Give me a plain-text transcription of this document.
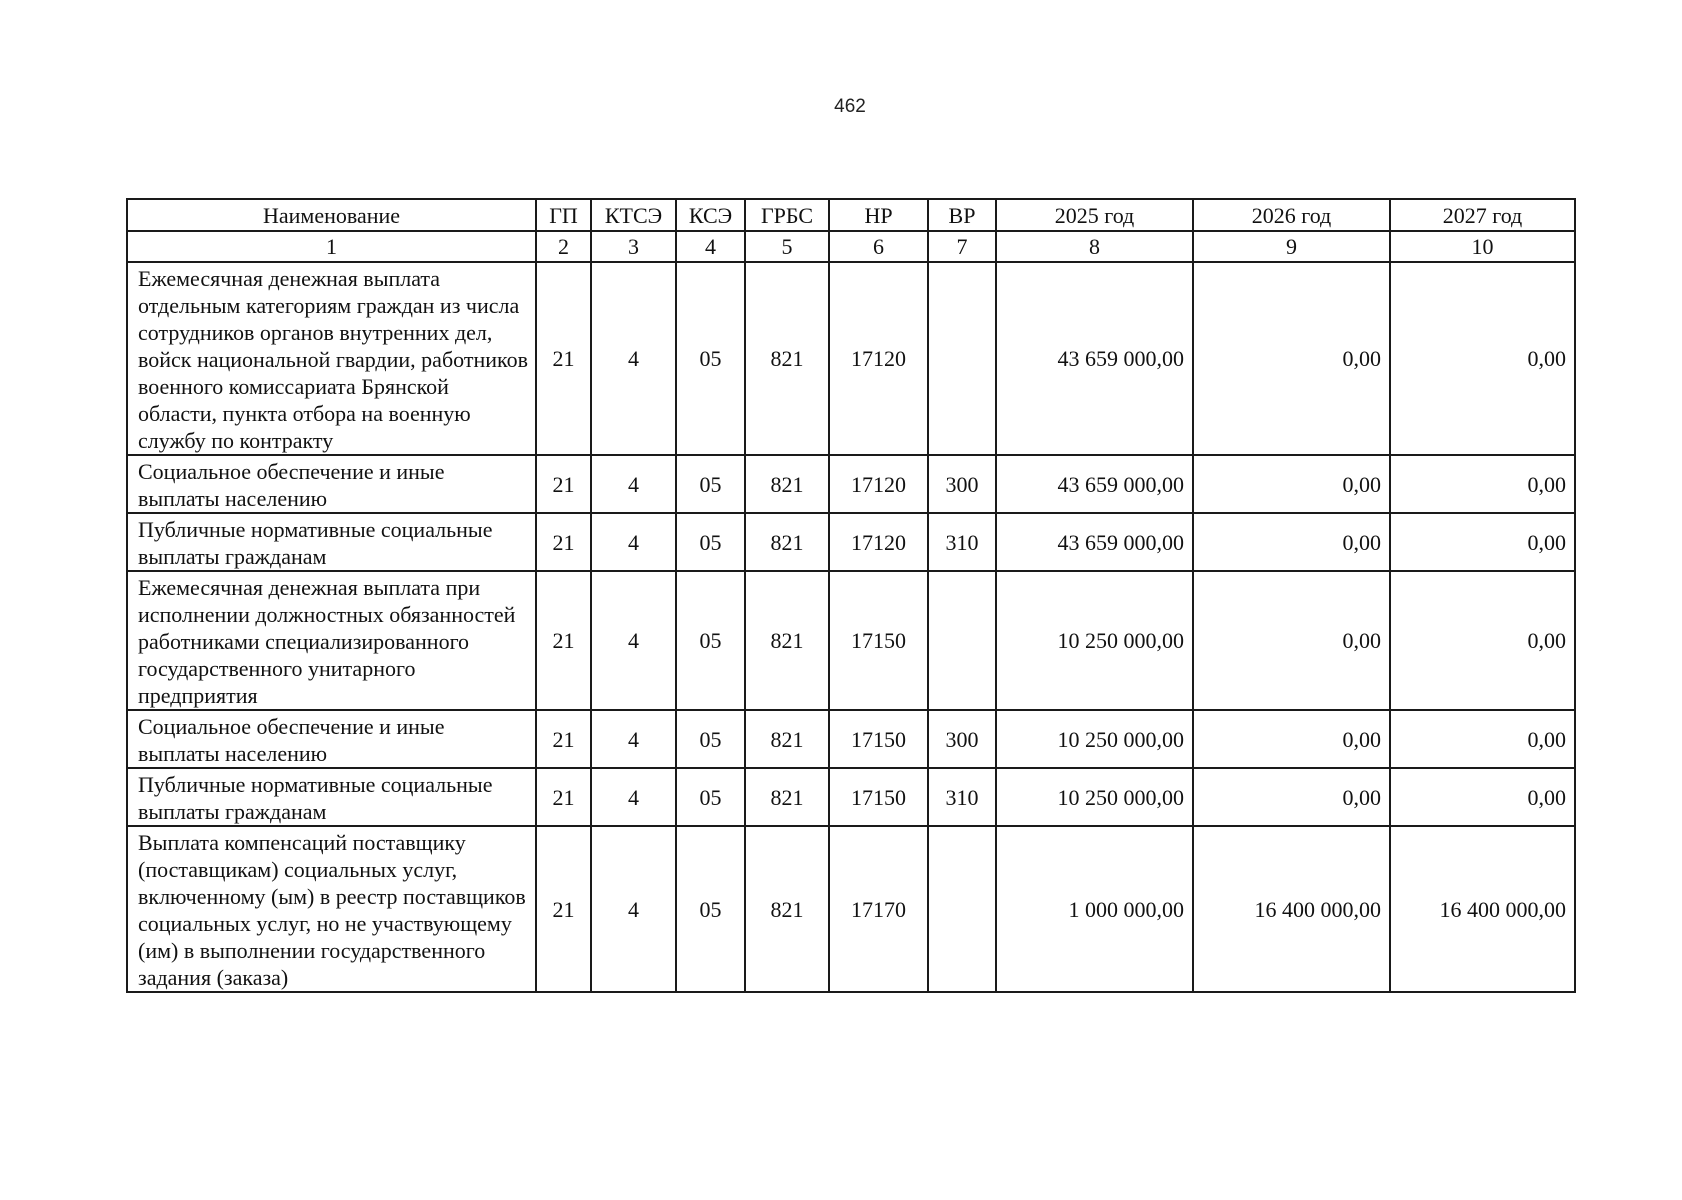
462
Наименование	ГП	КТСЭ	КСЭ	ГРБС	НР	ВР	2025 год	2026 год	2027 год
1	2	3	4	5	6	7	8	9	10
Ежемесячная денежная выплата отдельным категориям граждан из числа сотрудников органов внутренних дел, войск национальной гвардии, работников военного комиссариата Брянской области, пункта отбора на военную службу по контракту	21	4	05	821	17120		43 659 000,00	0,00	0,00
Социальное обеспечение и иные выплаты населению	21	4	05	821	17120	300	43 659 000,00	0,00	0,00
Публичные нормативные социальные выплаты гражданам	21	4	05	821	17120	310	43 659 000,00	0,00	0,00
Ежемесячная денежная выплата при исполнении должностных обязанностей работниками специализированного государственного унитарного предприятия	21	4	05	821	17150		10 250 000,00	0,00	0,00
Социальное обеспечение и иные выплаты населению	21	4	05	821	17150	300	10 250 000,00	0,00	0,00
Публичные нормативные социальные выплаты гражданам	21	4	05	821	17150	310	10 250 000,00	0,00	0,00
Выплата компенсаций поставщику (поставщикам) социальных услуг, включенному (ым) в реестр поставщиков социальных услуг, но не участвующему (им) в выполнении государственного задания (заказа)	21	4	05	821	17170		1 000 000,00	16 400 000,00	16 400 000,00
